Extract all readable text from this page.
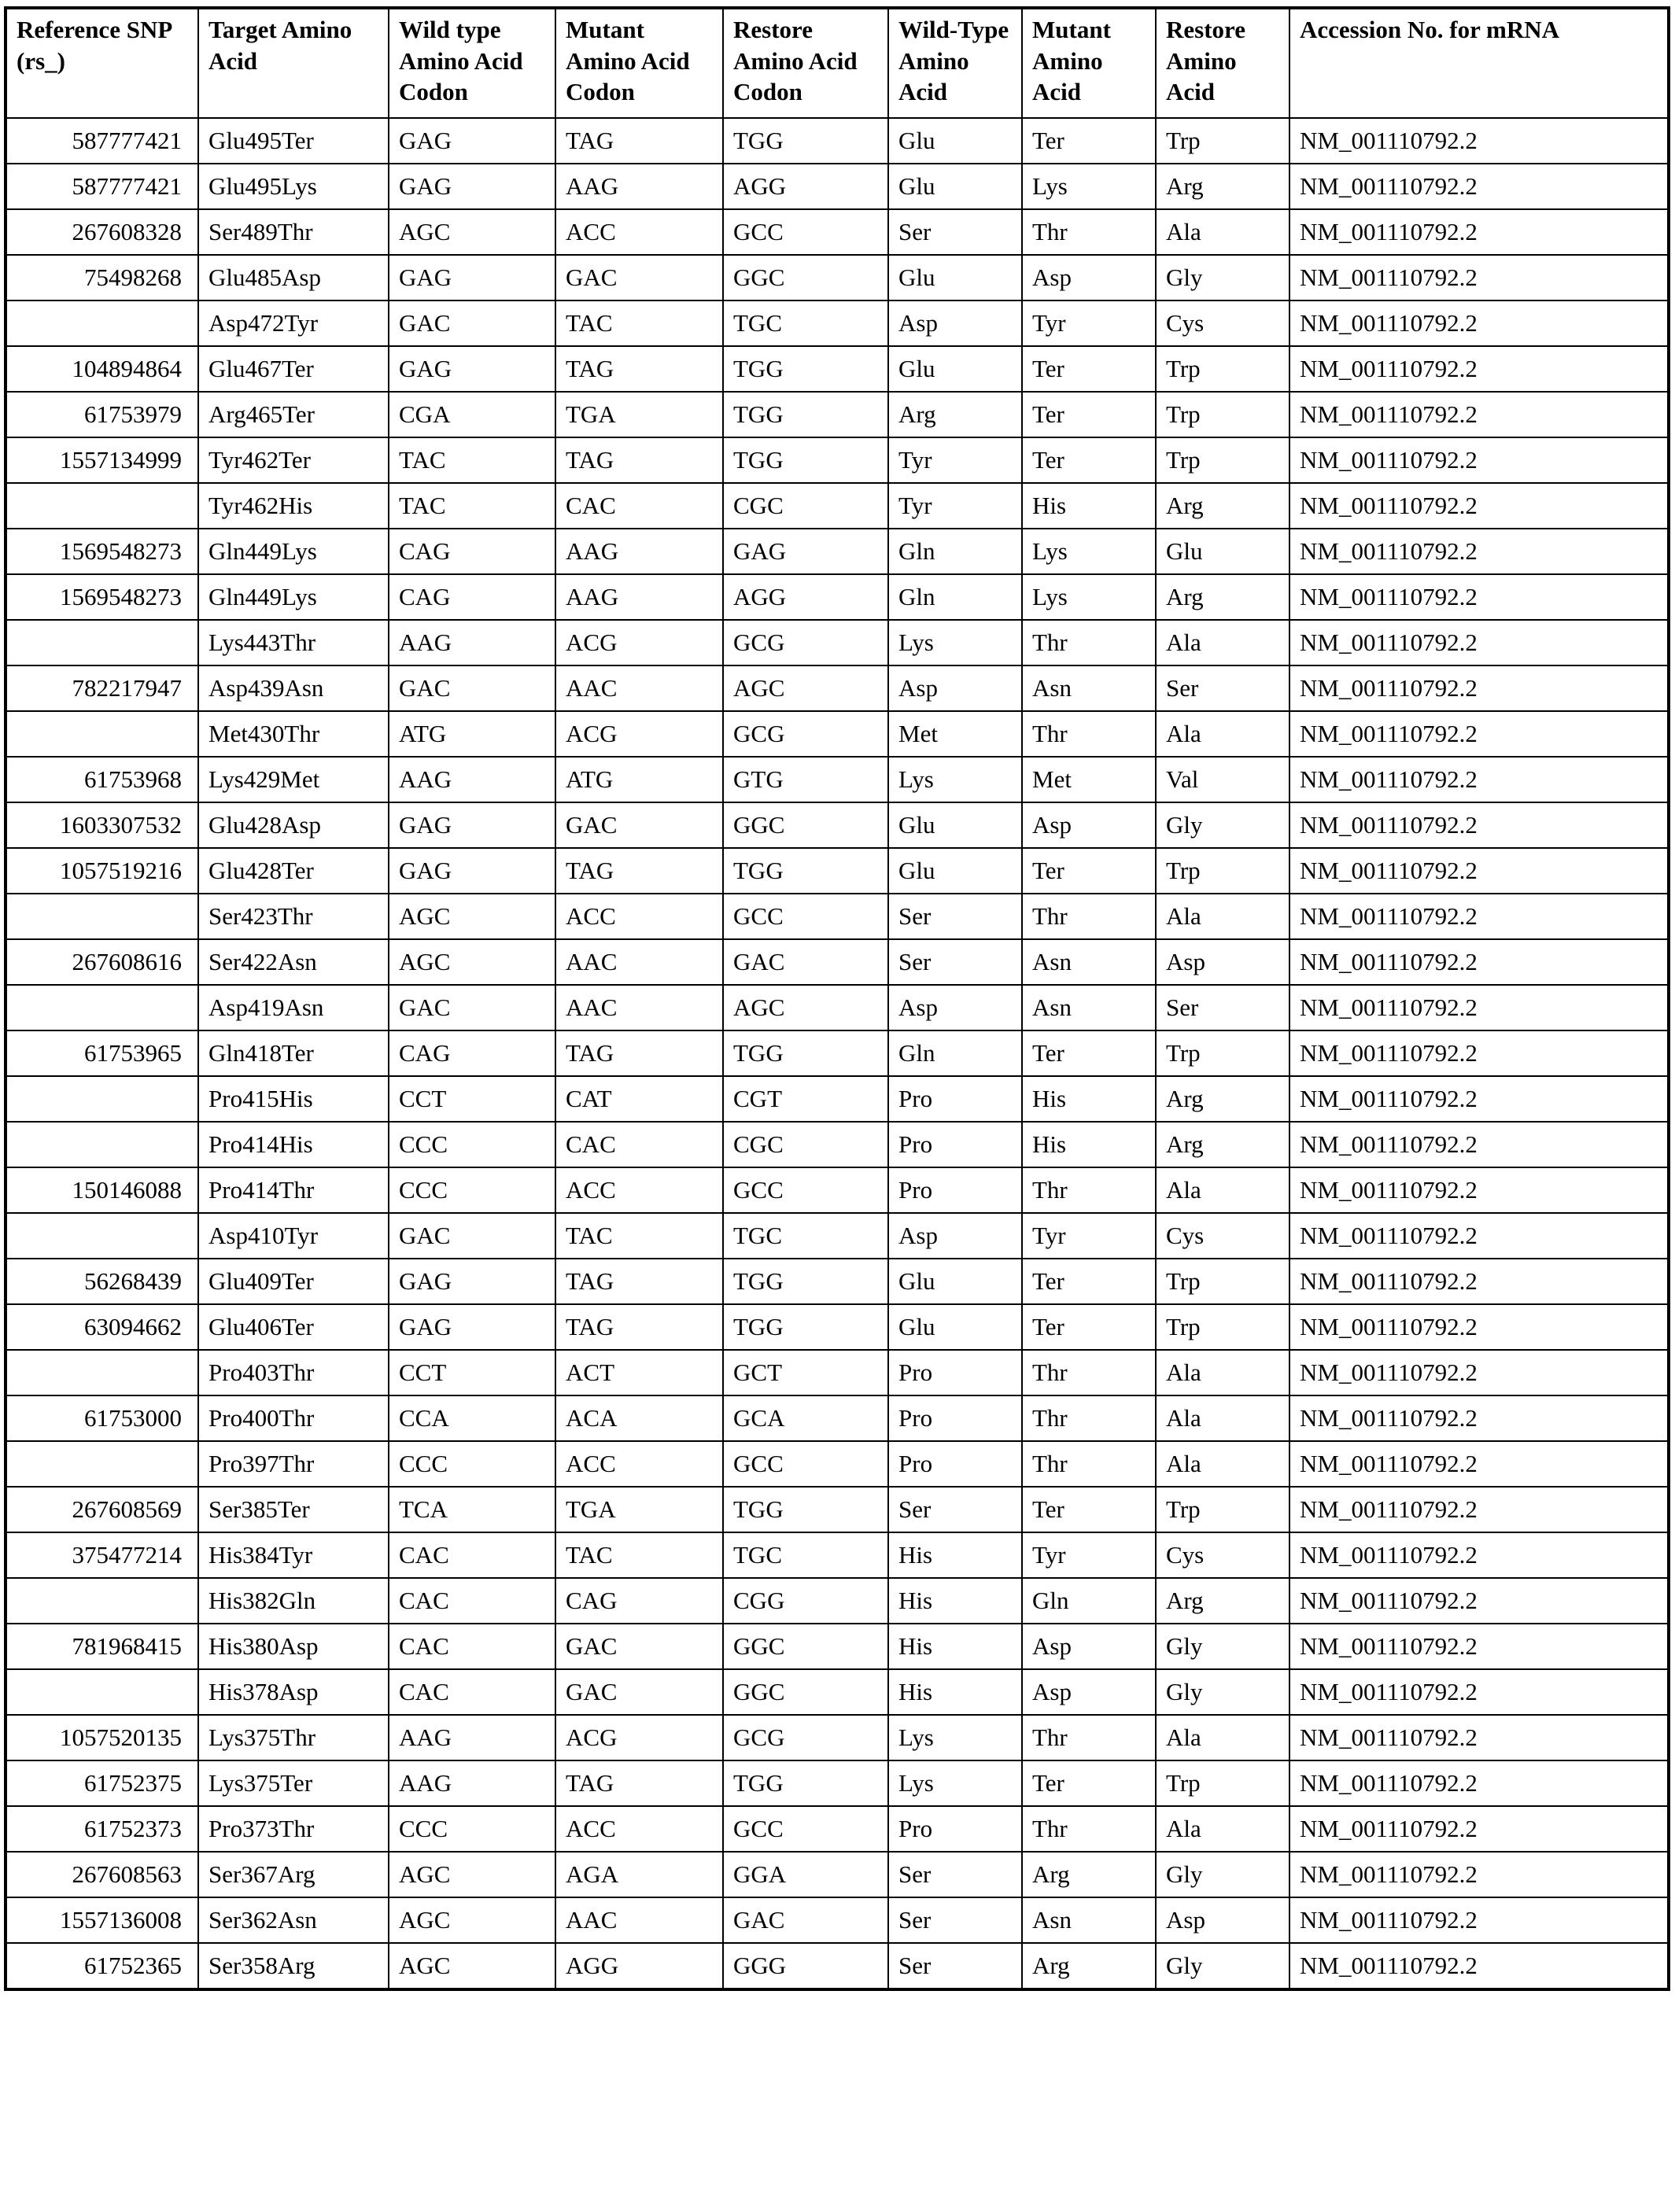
Reference SNP (rs_)	Target Amino Acid	Wild type Amino Acid Codon	Mutant Amino Acid Codon	Restore Amino Acid Codon	Wild-Type Amino Acid	Mutant Amino Acid	Restore Amino Acid	Accession No. for mRNA
587777421	Glu495Ter	GAG	TAG	TGG	Glu	Ter	Trp	NM_001110792.2
587777421	Glu495Lys	GAG	AAG	AGG	Glu	Lys	Arg	NM_001110792.2
267608328	Ser489Thr	AGC	ACC	GCC	Ser	Thr	Ala	NM_001110792.2
75498268	Glu485Asp	GAG	GAC	GGC	Glu	Asp	Gly	NM_001110792.2
	Asp472Tyr	GAC	TAC	TGC	Asp	Tyr	Cys	NM_001110792.2
104894864	Glu467Ter	GAG	TAG	TGG	Glu	Ter	Trp	NM_001110792.2
61753979	Arg465Ter	CGA	TGA	TGG	Arg	Ter	Trp	NM_001110792.2
1557134999	Tyr462Ter	TAC	TAG	TGG	Tyr	Ter	Trp	NM_001110792.2
	Tyr462His	TAC	CAC	CGC	Tyr	His	Arg	NM_001110792.2
1569548273	Gln449Lys	CAG	AAG	GAG	Gln	Lys	Glu	NM_001110792.2
1569548273	Gln449Lys	CAG	AAG	AGG	Gln	Lys	Arg	NM_001110792.2
	Lys443Thr	AAG	ACG	GCG	Lys	Thr	Ala	NM_001110792.2
782217947	Asp439Asn	GAC	AAC	AGC	Asp	Asn	Ser	NM_001110792.2
	Met430Thr	ATG	ACG	GCG	Met	Thr	Ala	NM_001110792.2
61753968	Lys429Met	AAG	ATG	GTG	Lys	Met	Val	NM_001110792.2
1603307532	Glu428Asp	GAG	GAC	GGC	Glu	Asp	Gly	NM_001110792.2
1057519216	Glu428Ter	GAG	TAG	TGG	Glu	Ter	Trp	NM_001110792.2
	Ser423Thr	AGC	ACC	GCC	Ser	Thr	Ala	NM_001110792.2
267608616	Ser422Asn	AGC	AAC	GAC	Ser	Asn	Asp	NM_001110792.2
	Asp419Asn	GAC	AAC	AGC	Asp	Asn	Ser	NM_001110792.2
61753965	Gln418Ter	CAG	TAG	TGG	Gln	Ter	Trp	NM_001110792.2
	Pro415His	CCT	CAT	CGT	Pro	His	Arg	NM_001110792.2
	Pro414His	CCC	CAC	CGC	Pro	His	Arg	NM_001110792.2
150146088	Pro414Thr	CCC	ACC	GCC	Pro	Thr	Ala	NM_001110792.2
	Asp410Tyr	GAC	TAC	TGC	Asp	Tyr	Cys	NM_001110792.2
56268439	Glu409Ter	GAG	TAG	TGG	Glu	Ter	Trp	NM_001110792.2
63094662	Glu406Ter	GAG	TAG	TGG	Glu	Ter	Trp	NM_001110792.2
	Pro403Thr	CCT	ACT	GCT	Pro	Thr	Ala	NM_001110792.2
61753000	Pro400Thr	CCA	ACA	GCA	Pro	Thr	Ala	NM_001110792.2
	Pro397Thr	CCC	ACC	GCC	Pro	Thr	Ala	NM_001110792.2
267608569	Ser385Ter	TCA	TGA	TGG	Ser	Ter	Trp	NM_001110792.2
375477214	His384Tyr	CAC	TAC	TGC	His	Tyr	Cys	NM_001110792.2
	His382Gln	CAC	CAG	CGG	His	Gln	Arg	NM_001110792.2
781968415	His380Asp	CAC	GAC	GGC	His	Asp	Gly	NM_001110792.2
	His378Asp	CAC	GAC	GGC	His	Asp	Gly	NM_001110792.2
1057520135	Lys375Thr	AAG	ACG	GCG	Lys	Thr	Ala	NM_001110792.2
61752375	Lys375Ter	AAG	TAG	TGG	Lys	Ter	Trp	NM_001110792.2
61752373	Pro373Thr	CCC	ACC	GCC	Pro	Thr	Ala	NM_001110792.2
267608563	Ser367Arg	AGC	AGA	GGA	Ser	Arg	Gly	NM_001110792.2
1557136008	Ser362Asn	AGC	AAC	GAC	Ser	Asn	Asp	NM_001110792.2
61752365	Ser358Arg	AGC	AGG	GGG	Ser	Arg	Gly	NM_001110792.2
